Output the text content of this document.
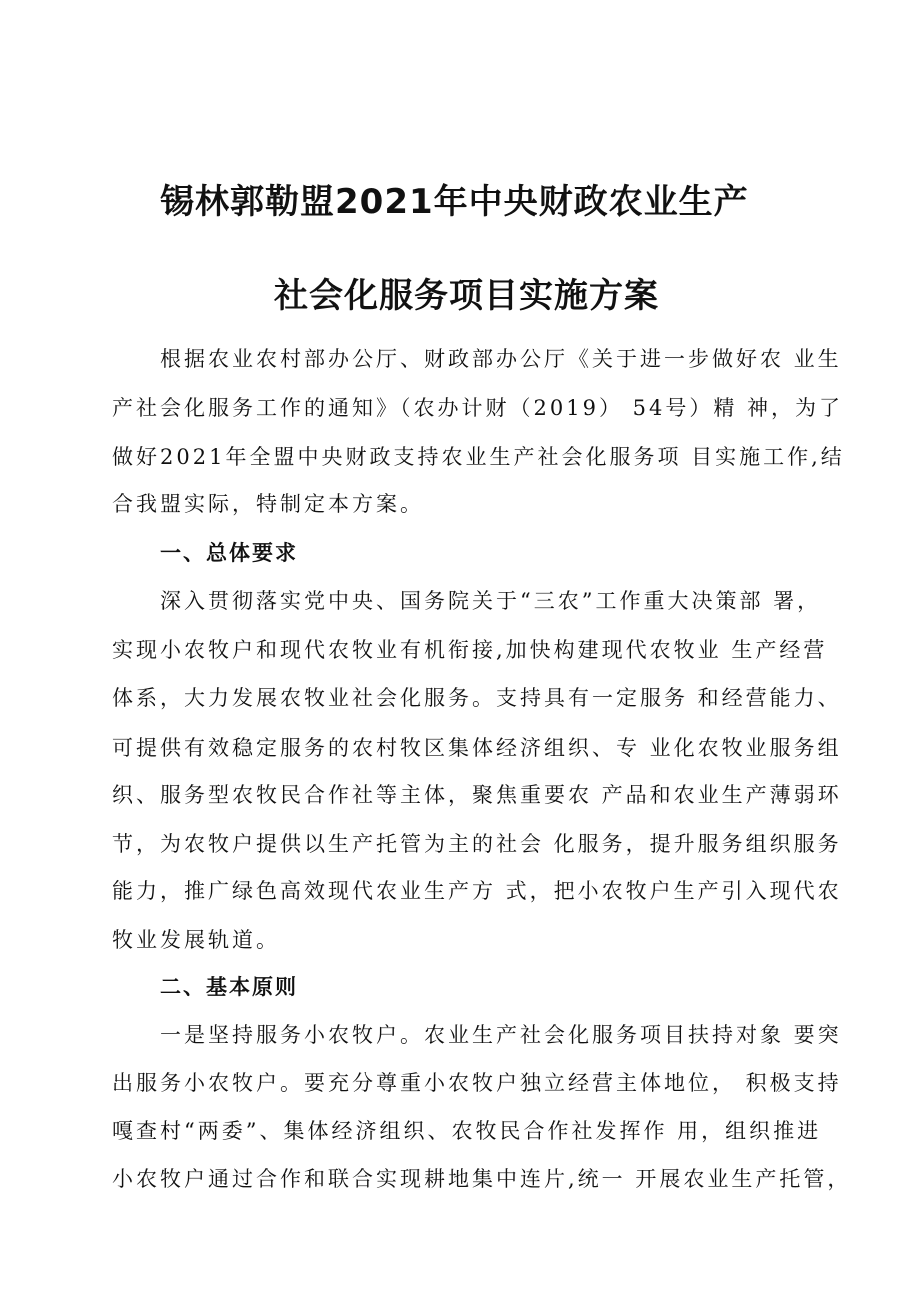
锡林郭勒盟2021年中央财政农业生产
社会化服务项目实施方案
根据农业农村部办公厅、财政部办公厅《关于进一步做好农 业生
产社会化服务工作的通知》（农办计财（2019） 54号）精 神，为了
做好2021年全盟中央财政支持农业生产社会化服务项 目实施工作,结
合我盟实际，特制定本方案。
一、总体要求
深入贯彻落实党中央、国务院关于“三农”工作重大决策部 署，
实现小农牧户和现代农牧业有机衔接,加快构建现代农牧业 生产经营
体系，大力发展农牧业社会化服务。支持具有一定服务 和经营能力、
可提供有效稳定服务的农村牧区集体经济组织、专 业化农牧业服务组
织、服务型农牧民合作社等主体，聚焦重要农 产品和农业生产薄弱环
节，为农牧户提供以生产托管为主的社会 化服务，提升服务组织服务
能力，推广绿色高效现代农业生产方 式，把小农牧户生产引入现代农
牧业发展轨道。
二、基本原则
一是坚持服务小农牧户。农业生产社会化服务项目扶持对象 要突
出服务小农牧户。要充分尊重小农牧户独立经营主体地位， 积极支持
嘎查村“两委”、集体经济组织、农牧民合作社发挥作 用，组织推进
小农牧户通过合作和联合实现耕地集中连片,统一 开展农业生产托管，
